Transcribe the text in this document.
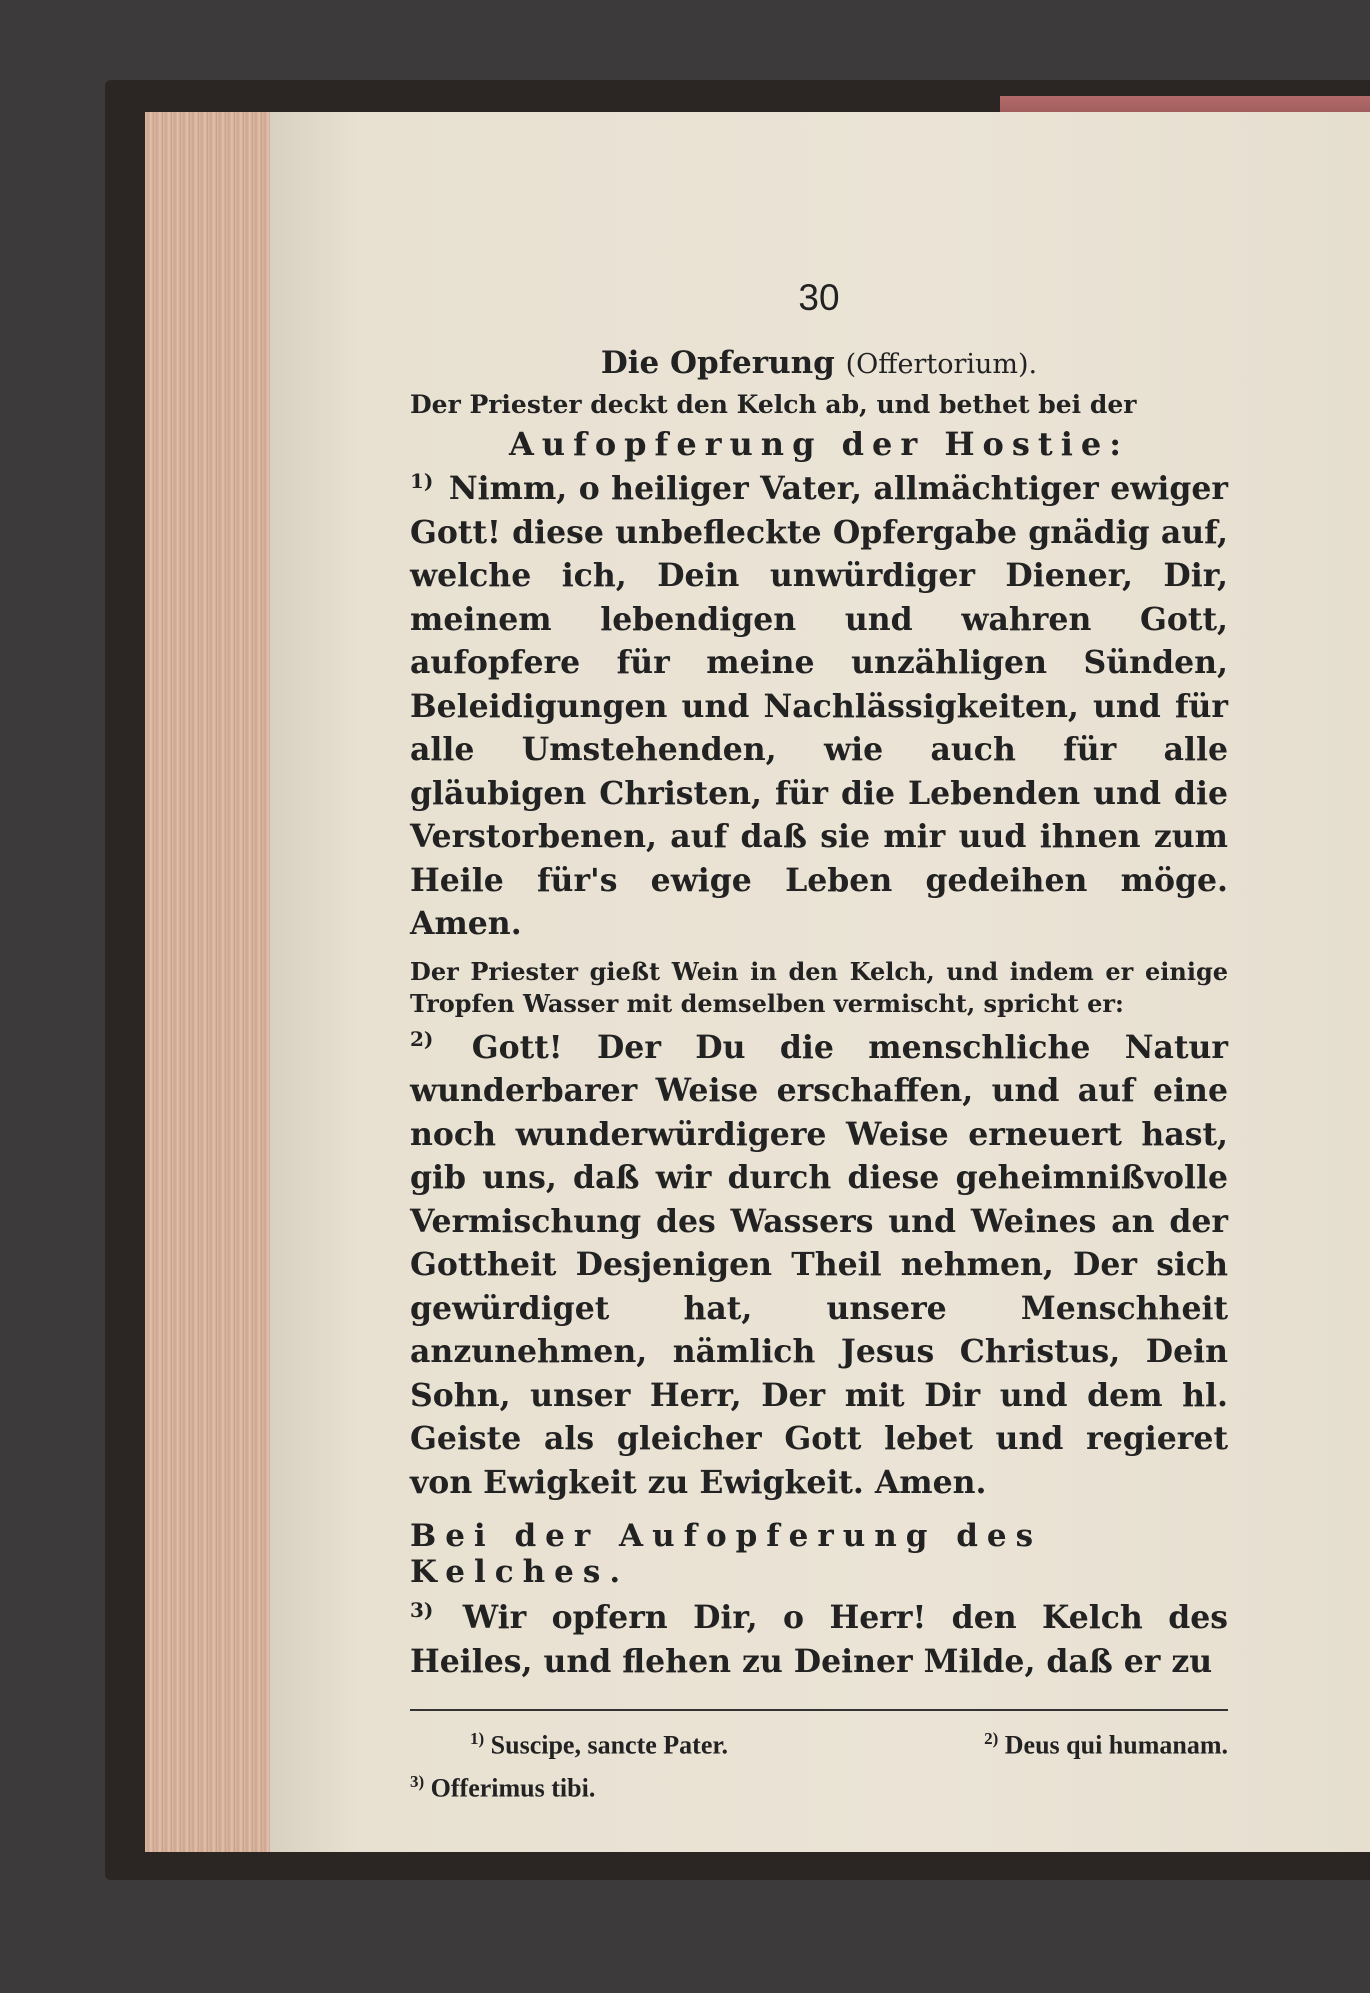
30
Die Opferung (Offertorium).

Der Priester deckt den Kelch ab, und bethet bei der

Aufopferung der Hostie:

$^{1)}$ Nimm, o heiliger Vater, allmächtiger ewiger Gott! diese unbefleckte Opfergabe gnädig auf, welche ich, Dein unwürdiger Diener, Dir, meinem lebendigen und wahren Gott, aufopfere für meine unzähligen Sünden, Beleidigungen und Nachlässigkeiten, und für alle Umstehenden, wie auch für alle gläubigen Christen, für die Lebenden und die Verstorbenen, auf daß sie mir uud ihnen zum Heile für's ewige Leben gedeihen möge. Amen.

Der Priester gießt Wein in den Kelch, und indem er einige Tropfen Wasser mit demselben vermischt, spricht er:

$^{2)}$ Gott! Der Du die menschliche Natur wunderbarer Weise erschaffen, und auf eine noch wunderwürdigere Weise erneuert hast, gib uns, daß wir durch diese geheimnißvolle Vermischung des Wassers und Weines an der Gottheit Desjenigen Theil nehmen, Der sich gewürdiget hat, unsere Menschheit anzunehmen, nämlich Jesus Christus, Dein Sohn, unser Herr, Der mit Dir und dem hl. Geiste als gleicher Gott lebet und regieret von Ewigkeit zu Ewigkeit. Amen.

Bei der Aufopferung des Kelches.

$^{3)}$ Wir opfern Dir, o Herr! den Kelch des Heiles, und flehen zu Deiner Milde, daß er zu

$^{1)}$ Suscipe, sancte Pater.	$^{2)}$ Deus qui humanam.
$^{3)}$ Offerimus tibi.
